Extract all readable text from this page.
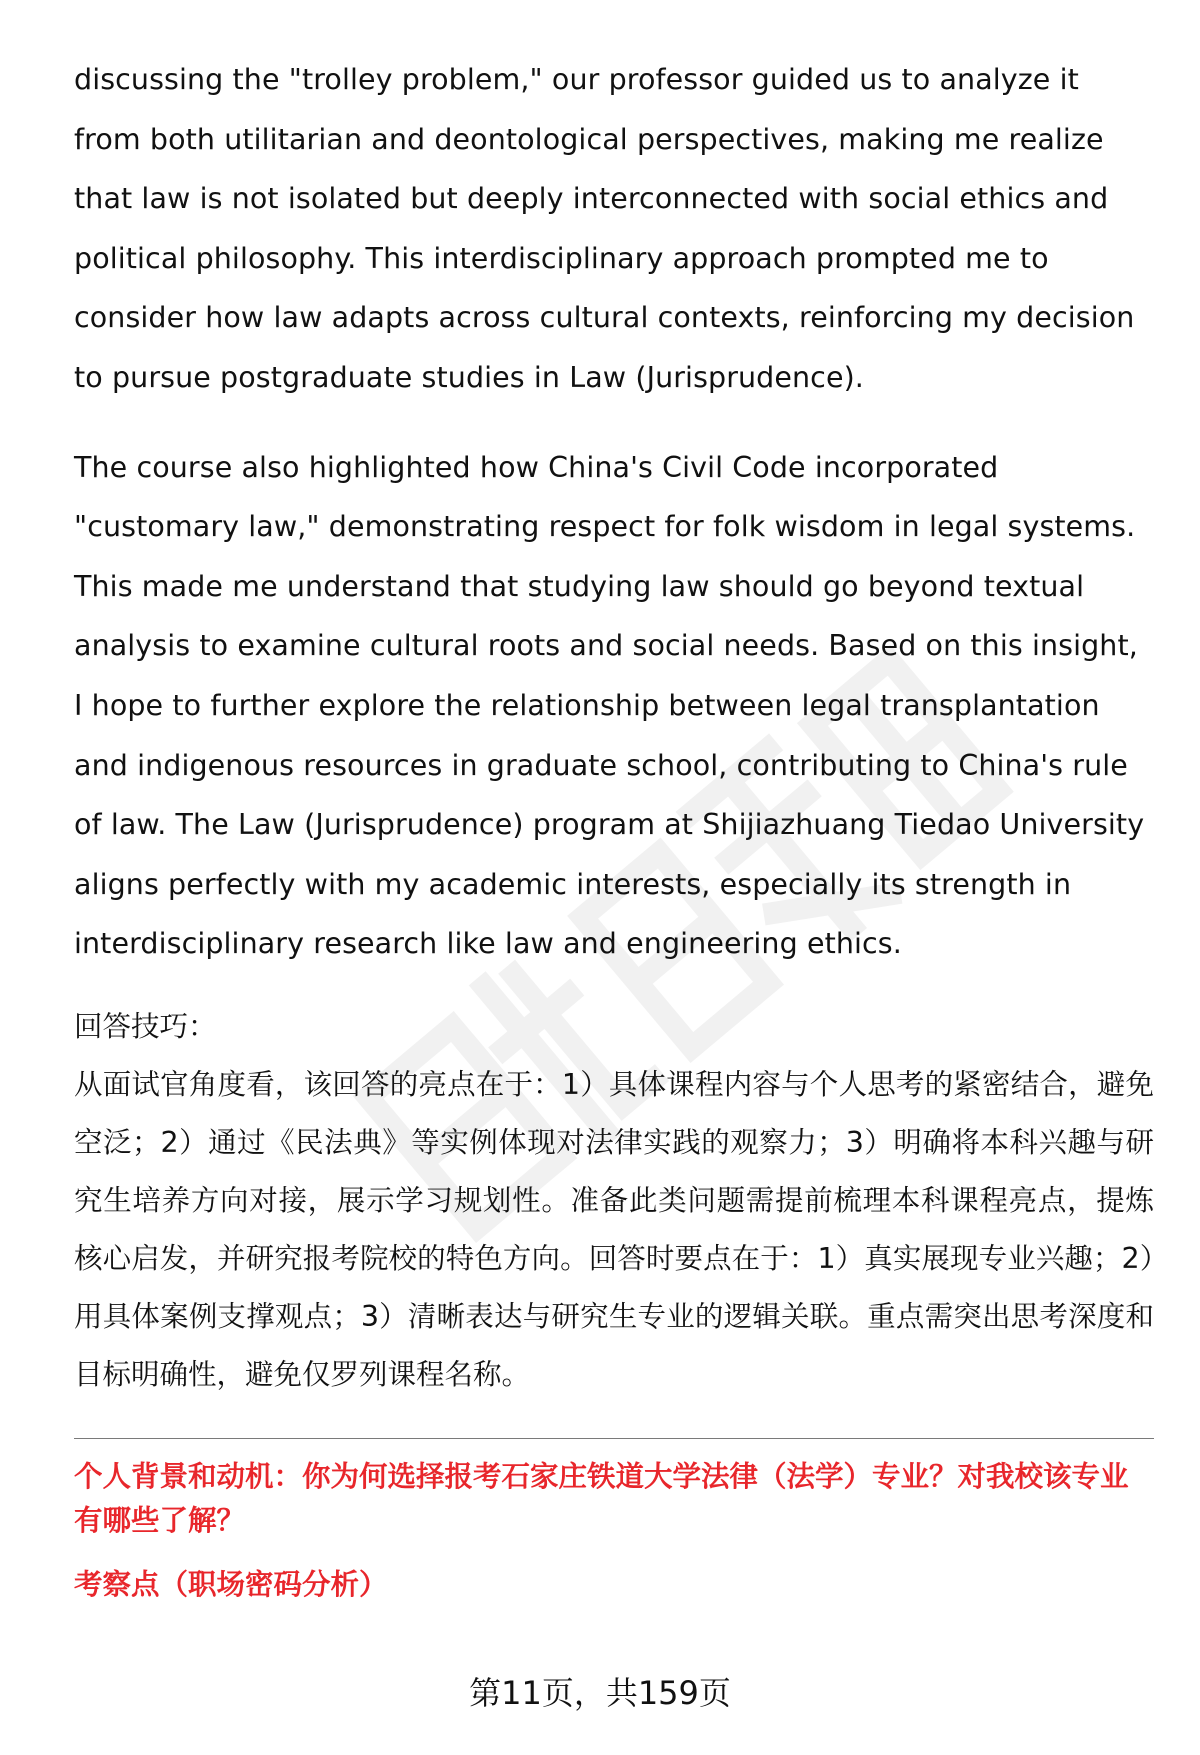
discussing the "trolley problem," our professor guided us to analyze it from both utilitarian and deontological perspectives, making me realize that law is not isolated but deeply interconnected with social ethics and political philosophy. This interdisciplinary approach prompted me to consider how law adapts across cultural contexts, reinforcing my decision to pursue postgraduate studies in Law (Jurisprudence).

The course also highlighted how China's Civil Code incorporated "customary law," demonstrating respect for folk wisdom in legal systems. This made me understand that studying law should go beyond textual analysis to examine cultural roots and social needs. Based on this insight, I hope to further explore the relationship between legal transplantation and indigenous resources in graduate school, contributing to China's rule of law. The Law (Jurisprudence) program at Shijiazhuang Tiedao University aligns perfectly with my academic interests, especially its strength in interdisciplinary research like law and engineering ethics.

回答技巧：

从面试官角度看，该回答的亮点在于：1）具体课程内容与个人思考的紧密结合，避免空泛；2）通过《民法典》等实例体现对法律实践的观察力；3）明确将本科兴趣与研究生培养方向对接，展示学习规划性。准备此类问题需提前梳理本科课程亮点，提炼核心启发，并研究报考院校的特色方向。回答时要点在于：1）真实展现专业兴趣；2）用具体案例支撑观点；3）清晰表达与研究生专业的逻辑关联。重点需突出思考深度和目标明确性，避免仅罗列课程名称。

个人背景和动机：你为何选择报考石家庄铁道大学法律（法学）专业？对我校该专业有哪些了解？

考察点（职场密码分析）

第11页，共159页
